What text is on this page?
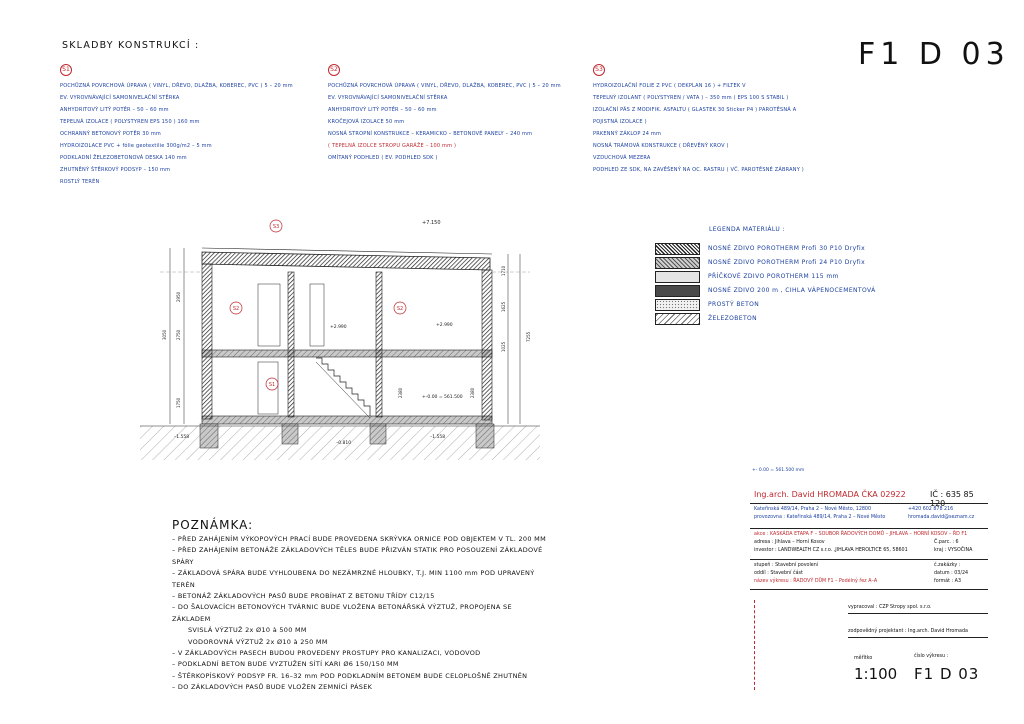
SKLADBY KONSTRUKCÍ :	F1 D 03
S1
POCHŮZNÁ POVRCHOVÁ ÚPRAVA ( VINYL, DŘEVO, DLAŽBA, KOBEREC, PVC ) 5 – 20 mm
EV. VYROVNÁVAJÍCÍ SAMONIVELAČNÍ STĚRKA
ANHYDRITOVÝ LITÝ POTĚR – 50 – 60 mm
TEPELNÁ IZOLACE ( POLYSTYREN EPS 150 ) 160 mm
OCHRANNÝ BETONOVÝ POTĚR 30 mm
HYDROIZOLACE PVC + fólie geotextilie 300g/m2 – 5 mm
PODKLADNÍ ŽELEZOBETONOVÁ DESKA 140 mm
ZHUTNĚNÝ ŠTĚRKOVÝ PODSYP – 150 mm
ROSTLÝ TERÉN
S2
POCHŮZNÁ POVRCHOVÁ ÚPRAVA ( VINYL, DŘEVO, DLAŽBA, KOBEREC, PVC ) 5 – 20 mm
EV. VYROVNÁVAJÍCÍ SAMONIVELAČNÍ STĚRKA
ANHYDRITOVÝ LITÝ POTĚR – 50 – 60 mm
KROČEJOVÁ IZOLACE 50 mm
NOSNÁ STROPNÍ KONSTRUKCE – KERAMICKO – BETONOVÉ PANELY – 240 mm
( TEPELNÁ IZOLCE STROPU GARÁŽE – 100 mm )
OMÍTANÝ PODHLED ( EV. PODHLED SDK )
S3
HYDROIZOLAČNÍ FOLIE Z PVC ( DEKPLAN 16 ) + FILTEK V
TEPELNÝ IZOLANT ( POLYSTYREN / VATA ) – 350 mm ( EPS 100 S STABIL )
IZOLAČNÍ PÁS Z MODIFIK. ASFALTU ( GLASTEK 30 Sticker P4 ) PAROTĚSNÁ A
POJISTNÁ IZOLACE )
PRKENNÝ ZÁKLOP 24 mm
NOSNÁ TRÁMOVÁ KONSTRUKCE ( DŘEVĚNÝ KROV )
VZDUCHOVÁ MEZERA
PODHLED ZE SDK, NA ZAVĚŠENÝ NA OC. RASTRU ( VČ. PAROTĚSNÉ ZÁBRANY )
S3
S2	S2
S1
+7.150
+2.990	+2.990
+-0.00 = 561.500
–0.810
–1.558	–1.558
2950
2750
3050
1750
1710
1625
1025
7255
2380
2380
LEGENDA MATERIÁLU :
NOSNÉ ZDIVO POROTHERM Profi 30 P10 Dryfix
NOSNÉ ZDIVO POROTHERM Profi 24 P10 Dryfix
PŘÍČKOVÉ ZDIVO POROTHERM 115 mm
NOSNÉ ZDIVO 200 m , CIHLA VÁPENOCEMENTOVÁ
PROSTÝ BETON
ŽELEZOBETON
+- 0.00 = 561.500 mm
POZNÁMKA:
– PŘED ZAHÁJENÍM VÝKOPOVÝCH PRACÍ BUDE PROVEDENA SKRÝVKA ORNICE POD OBJEKTEM V TL. 200 MM
– PŘED ZAHÁJENÍM BETONÁŽE ZÁKLADOVÝCH TĚLES BUDE PŘIZVÁN STATIK PRO POSOUZENÍ ZÁKLADOVÉ
SPÁRY
– ZÁKLADOVÁ SPÁRA BUDE VYHLOUBENA DO NEZÁMRZNÉ HLOUBKY, T.J. MIN 1100 mm POD UPRAVENÝ
TERÉN
– BETONÁŽ ZÁKLADOVÝCH PASŮ BUDE PROBÍHAT Z BETONU TŘÍDY C12/15
– DO ŠALOVACÍCH BETONOVÝCH TVÁRNIC BUDE VLOŽENA BETONÁŘSKÁ VÝZTUŽ, PROPOJENA SE
ZÁKLADEM
SVISLÁ VÝZTUŽ 2x Ø10 à 500 MM
VODOROVNÁ VÝZTUŽ 2x Ø10 à 250 MM
– V ZÁKLADOVÝCH PASECH BUDOU PROVEDENY PROSTUPY PRO KANALIZACI, VODOVOD
– PODKLADNÍ BETON BUDE VYZTUŽEN SÍTÍ KARI Ø6 150/150 MM
– ŠTĚRKOPÍSKOVÝ PODSYP FR. 16–32 mm POD PODKLADNÍM BETONEM BUDE CELOPLOŠNĚ ZHUTNĚN
– DO ZÁKLADOVÝCH PASŮ BUDE VLOŽEN ZEMNÍCÍ PÁSEK
Ing.arch. David HROMADA ČKA 02922	IČ : 635 85
Kateřinská 489/14, Praha 2 – Nové Město, 12800	+420 602 878 216
provozovna : Kateřinská 489/14, Praha 2 – Nové Město	hromada.david@seznam.cz
akce : KASKÁDA ETAPA F – SOUBOR ŘADOVÝCH DOMŮ – JIHLAVA – HORNÍ KOSOV – ŘD F1
adresa : Jihlava – Horní Kosov	Č.parc. : 6
investor : LANDWEALTH CZ s.r.o. ,JIHLAVA HEROLTICE 65, 58601	kraj : VYSOČINA
stupeň : Stavební povolení	č.zakázky :
oddíl : Stavební část	datum : 03/24
název výkresu : ŘADOVÝ DŮM F1 – Podélný řez A–A	formát : A3
vypracoval : CZP Stropy spol. s.r.o.
zodpovědný projektant : Ing.arch. David Hromada
měřítko	číslo výkresu :
1:100 F1 D 03
